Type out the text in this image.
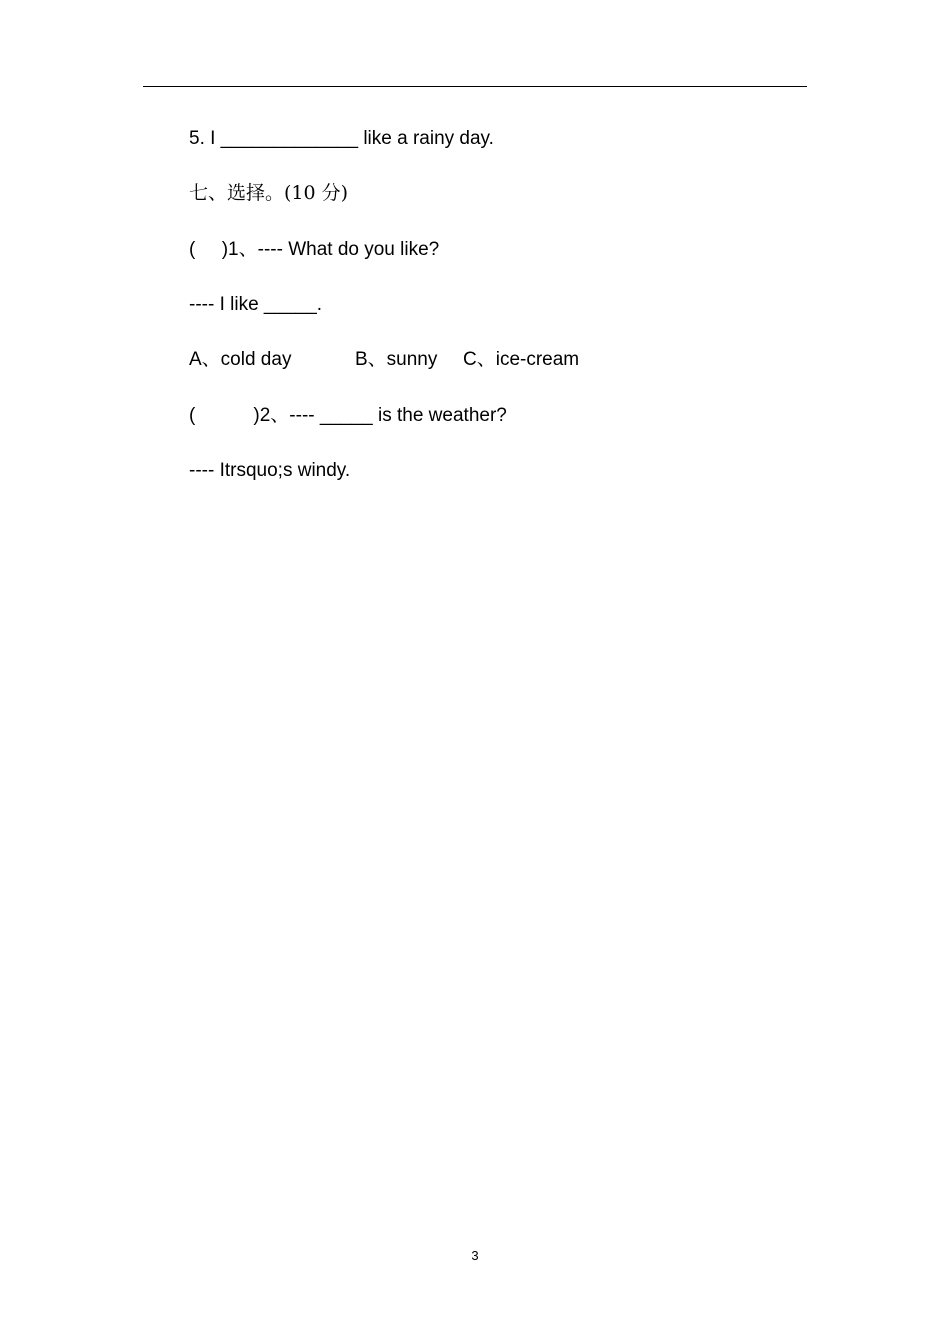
5. I _____________ like a rainy day.
七、选择。(10 分)
(     )1、---- What do you like?
---- I like _____.

A、cold day

	B、sunny

C、ice-cream

(           )2、---- _____ is the weather?
---- Itrsquo;s windy.
3
